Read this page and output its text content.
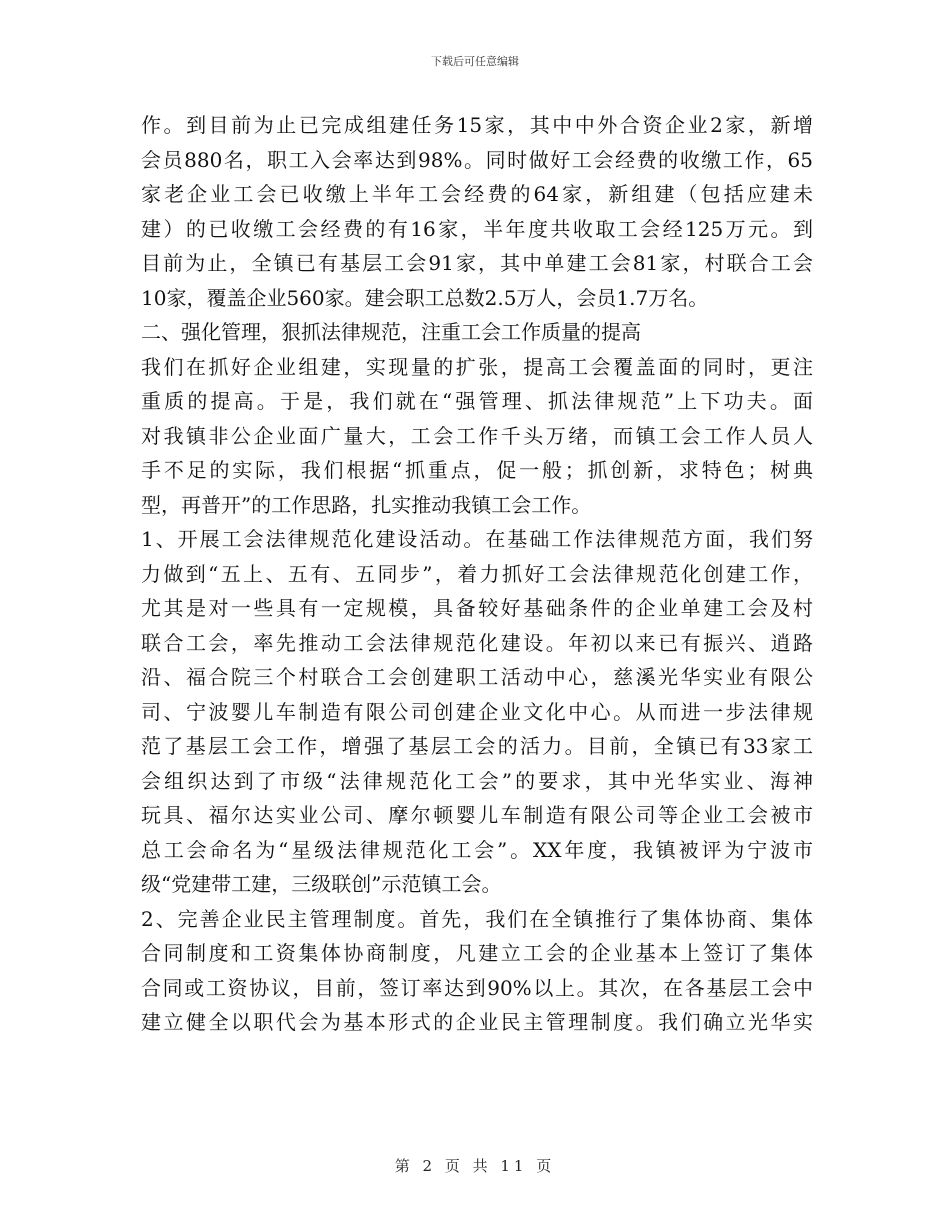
下载后可任意编辑
作。到目前为止已完成组建任务15家，其中中外合资企业2家，新增
会员880名，职工入会率达到98%。同时做好工会经费的收缴工作，65
家老企业工会已收缴上半年工会经费的64家，新组建（包括应建未
建）的已收缴工会经费的有16家，半年度共收取工会经125万元。到
目前为止，全镇已有基层工会91家，其中单建工会81家，村联合工会
10家，覆盖企业560家。建会职工总数2.5万人，会员1.7万名。
二、强化管理，狠抓法律规范，注重工会工作质量的提高
我们在抓好企业组建，实现量的扩张，提高工会覆盖面的同时，更注
重质的提高。于是，我们就在“强管理、抓法律规范”上下功夫。面
对我镇非公企业面广量大，工会工作千头万绪，而镇工会工作人员人
手不足的实际，我们根据“抓重点，促一般；抓创新，求特色；树典
型，再普开”的工作思路，扎实推动我镇工会工作。
1、开展工会法律规范化建设活动。在基础工作法律规范方面，我们努
力做到“五上、五有、五同步”，着力抓好工会法律规范化创建工作，
尤其是对一些具有一定规模，具备较好基础条件的企业单建工会及村
联合工会，率先推动工会法律规范化建设。年初以来已有振兴、逍路
沿、福合院三个村联合工会创建职工活动中心，慈溪光华实业有限公
司、宁波婴儿车制造有限公司创建企业文化中心。从而进一步法律规
范了基层工会工作，增强了基层工会的活力。目前，全镇已有33家工
会组织达到了市级“法律规范化工会”的要求，其中光华实业、海神
玩具、福尔达实业公司、摩尔顿婴儿车制造有限公司等企业工会被市
总工会命名为“星级法律规范化工会”。XX年度，我镇被评为宁波市
级“党建带工建，三级联创”示范镇工会。
2、完善企业民主管理制度。首先，我们在全镇推行了集体协商、集体
合同制度和工资集体协商制度，凡建立工会的企业基本上签订了集体
合同或工资协议，目前，签订率达到90%以上。其次，在各基层工会中
建立健全以职代会为基本形式的企业民主管理制度。我们确立光华实
第 2 页 共 11 页
